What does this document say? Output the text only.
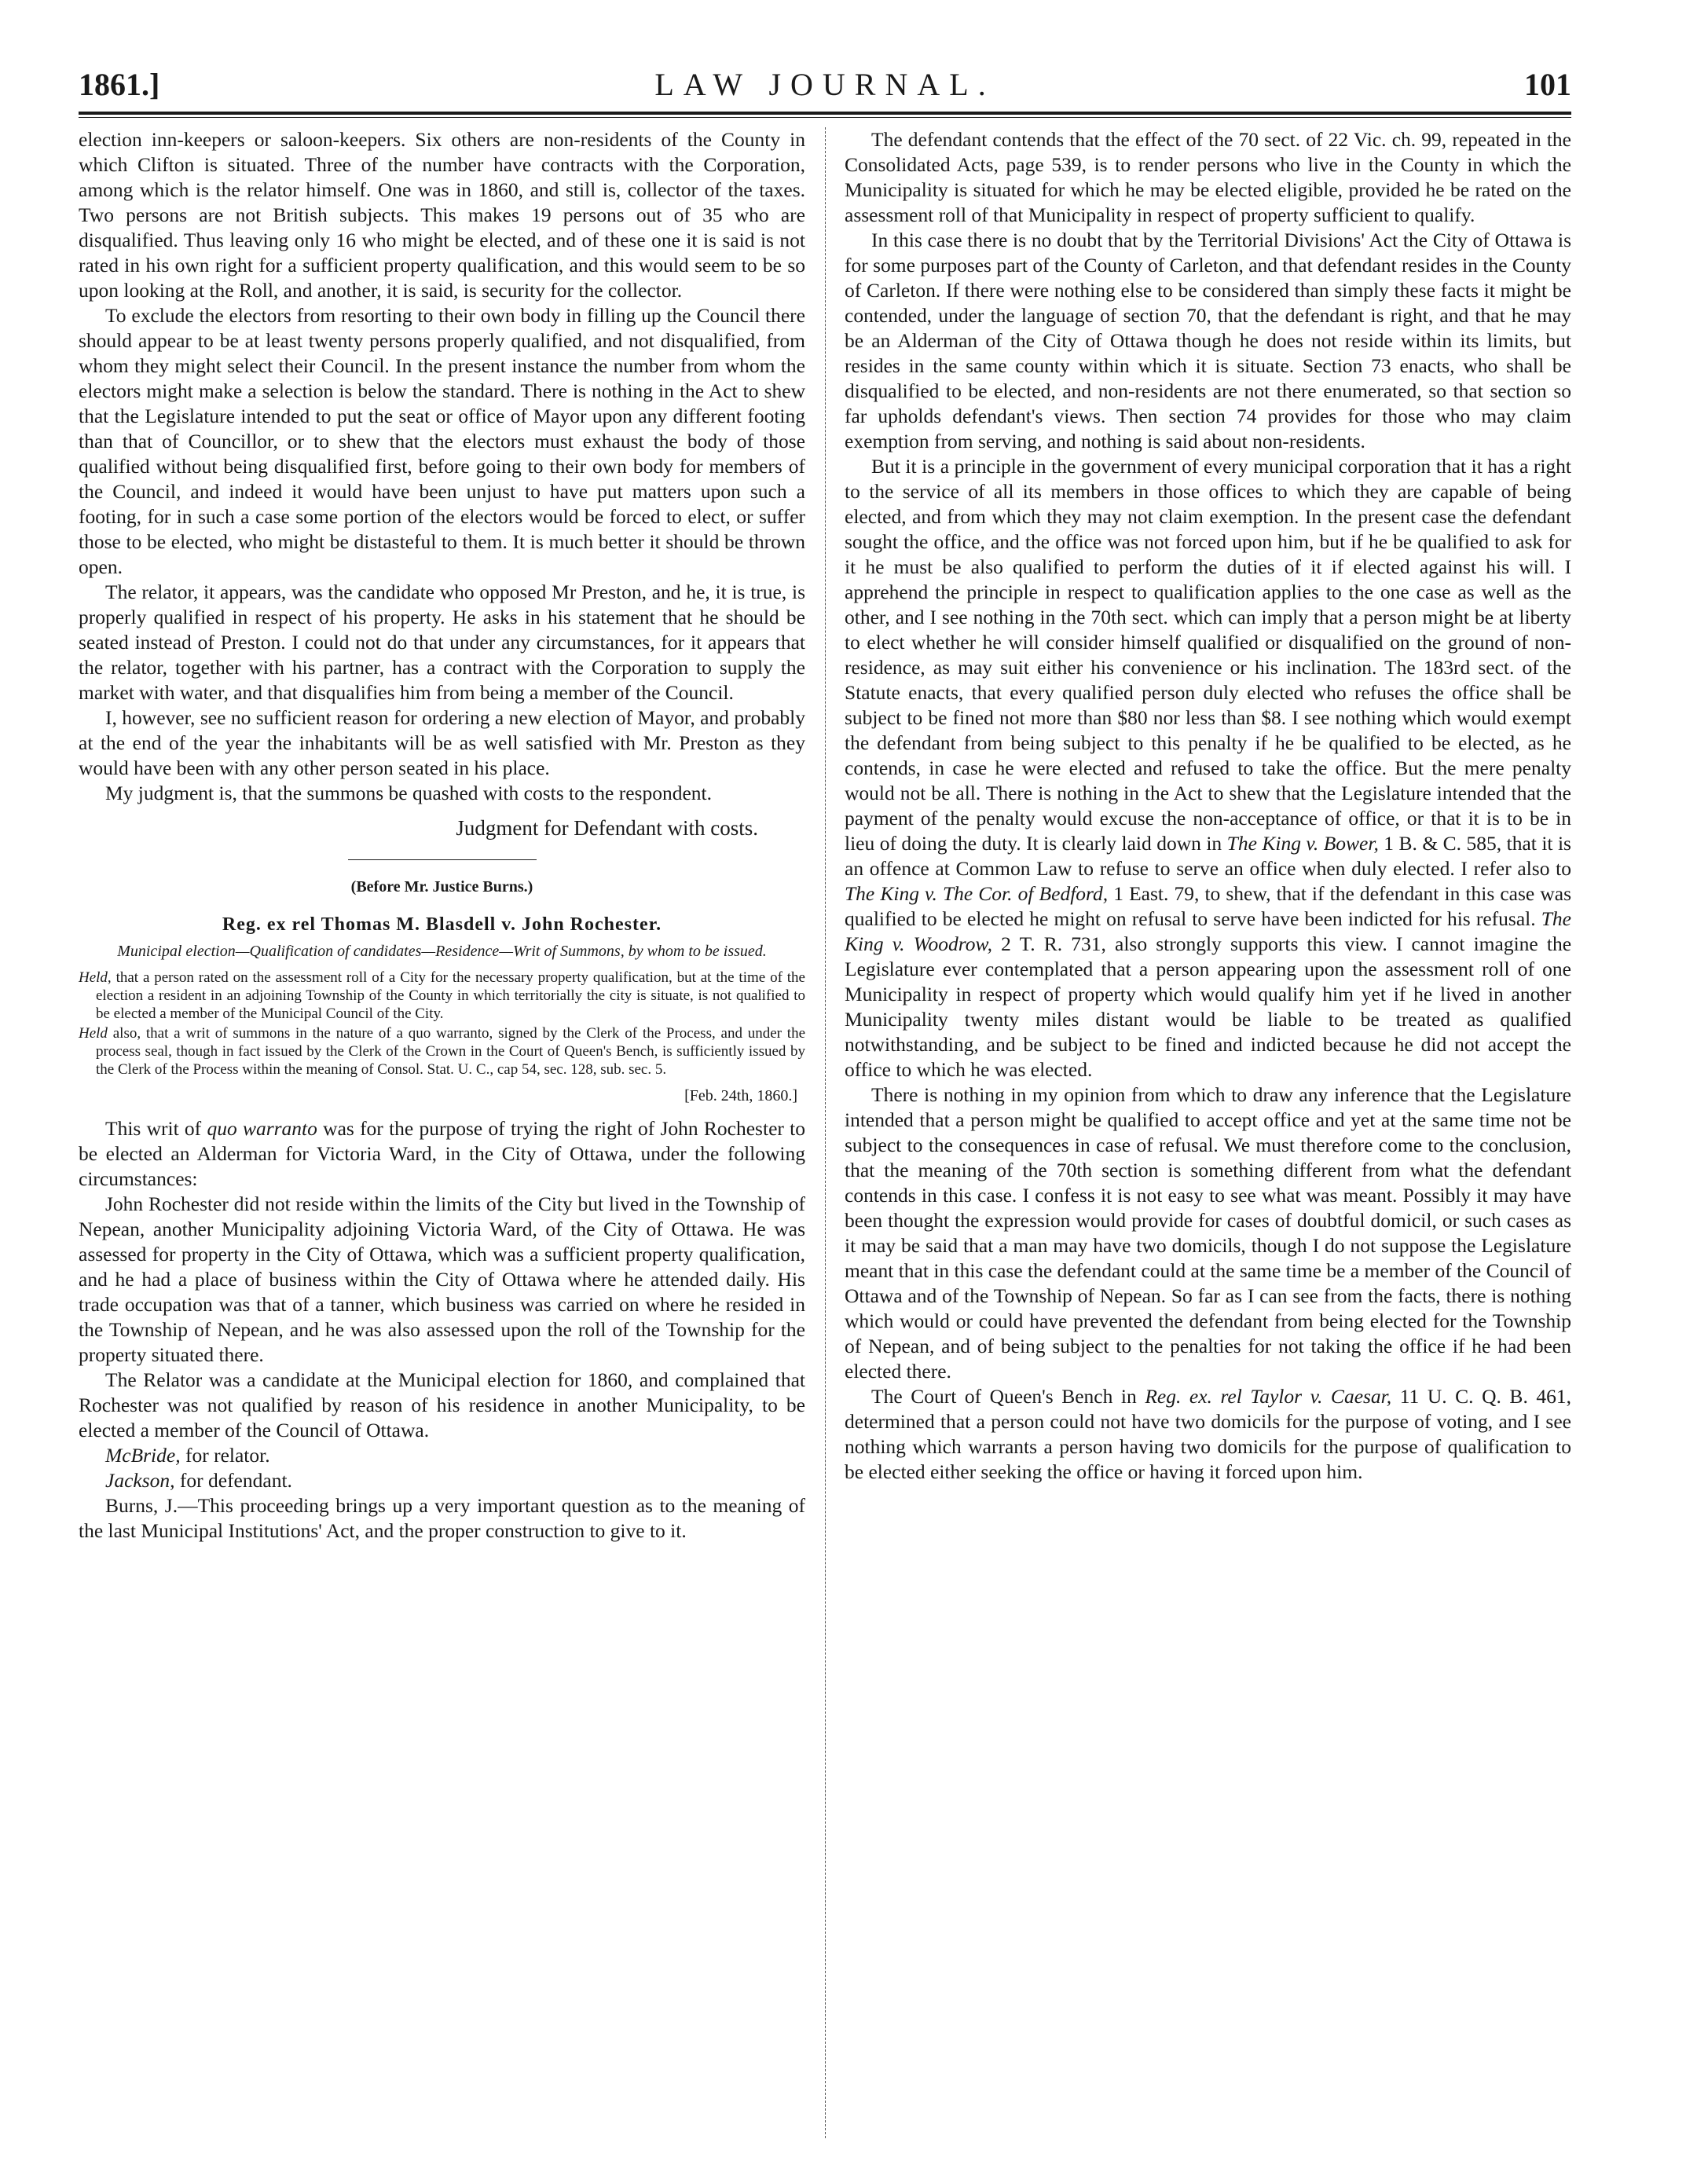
1861.]	LAW JOURNAL.	101

election inn-keepers or saloon-keepers. Six others are non-residents of the County in which Clifton is situated. Three of the number have contracts with the Corporation, among which is the relator himself. One was in 1860, and still is, collector of the taxes. Two persons are not British subjects. This makes 19 persons out of 35 who are disqualified. Thus leaving only 16 who might be elected, and of these one it is said is not rated in his own right for a sufficient property qualification, and this would seem to be so upon looking at the Roll, and another, it is said, is security for the collector.

To exclude the electors from resorting to their own body in filling up the Council there should appear to be at least twenty persons properly qualified, and not disqualified, from whom they might select their Council. In the present instance the number from whom the electors might make a selection is below the standard. There is nothing in the Act to shew that the Legislature intended to put the seat or office of Mayor upon any different footing than that of Councillor, or to shew that the electors must exhaust the body of those qualified without being disqualified first, before going to their own body for members of the Council, and indeed it would have been unjust to have put matters upon such a footing, for in such a case some portion of the electors would be forced to elect, or suffer those to be elected, who might be distasteful to them. It is much better it should be thrown open.

The relator, it appears, was the candidate who opposed Mr Preston, and he, it is true, is properly qualified in respect of his property. He asks in his statement that he should be seated instead of Preston. I could not do that under any circumstances, for it appears that the relator, together with his partner, has a contract with the Corporation to supply the market with water, and that disqualifies him from being a member of the Council.

I, however, see no sufficient reason for ordering a new election of Mayor, and probably at the end of the year the inhabitants will be as well satisfied with Mr. Preston as they would have been with any other person seated in his place.

My judgment is, that the summons be quashed with costs to the respondent.

Judgment for Defendant with costs.

(Before Mr. Justice Burns.)

Reg. ex rel Thomas M. Blasdell v. John Rochester.

Municipal election—Qualification of candidates—Residence—Writ of Summons, by whom to be issued.

Held, that a person rated on the assessment roll of a City for the necessary property qualification, but at the time of the election a resident in an adjoining Township of the County in which territorially the city is situate, is not qualified to be elected a member of the Municipal Council of the City.

Held also, that a writ of summons in the nature of a quo warranto, signed by the Clerk of the Process, and under the process seal, though in fact issued by the Clerk of the Crown in the Court of Queen's Bench, is sufficiently issued by the Clerk of the Process within the meaning of Consol. Stat. U. C., cap 54, sec. 128, sub. sec. 5.

[Feb. 24th, 1860.]

This writ of quo warranto was for the purpose of trying the right of John Rochester to be elected an Alderman for Victoria Ward, in the City of Ottawa, under the following circumstances:

John Rochester did not reside within the limits of the City but lived in the Township of Nepean, another Municipality adjoining Victoria Ward, of the City of Ottawa. He was assessed for property in the City of Ottawa, which was a sufficient property qualification, and he had a place of business within the City of Ottawa where he attended daily. His trade occupation was that of a tanner, which business was carried on where he resided in the Township of Nepean, and he was also assessed upon the roll of the Township for the property situated there.

The Relator was a candidate at the Municipal election for 1860, and complained that Rochester was not qualified by reason of his residence in another Municipality, to be elected a member of the Council of Ottawa.

McBride, for relator.

Jackson, for defendant.

Burns, J.—This proceeding brings up a very important question as to the meaning of the last Municipal Institutions' Act, and the proper construction to give to it.

The defendant contends that the effect of the 70 sect. of 22 Vic. ch. 99, repeated in the Consolidated Acts, page 539, is to render persons who live in the County in which the Municipality is situated for which he may be elected eligible, provided he be rated on the assessment roll of that Municipality in respect of property sufficient to qualify.

In this case there is no doubt that by the Territorial Divisions' Act the City of Ottawa is for some purposes part of the County of Carleton, and that defendant resides in the County of Carleton. If there were nothing else to be considered than simply these facts it might be contended, under the language of section 70, that the defendant is right, and that he may be an Alderman of the City of Ottawa though he does not reside within its limits, but resides in the same county within which it is situate. Section 73 enacts, who shall be disqualified to be elected, and non-residents are not there enumerated, so that section so far upholds defendant's views. Then section 74 provides for those who may claim exemption from serving, and nothing is said about non-residents.

But it is a principle in the government of every municipal corporation that it has a right to the service of all its members in those offices to which they are capable of being elected, and from which they may not claim exemption. In the present case the defendant sought the office, and the office was not forced upon him, but if he be qualified to ask for it he must be also qualified to perform the duties of it if elected against his will. I apprehend the principle in respect to qualification applies to the one case as well as the other, and I see nothing in the 70th sect. which can imply that a person might be at liberty to elect whether he will consider himself qualified or disqualified on the ground of non-residence, as may suit either his convenience or his inclination. The 183rd sect. of the Statute enacts, that every qualified person duly elected who refuses the office shall be subject to be fined not more than $80 nor less than $8. I see nothing which would exempt the defendant from being subject to this penalty if he be qualified to be elected, as he contends, in case he were elected and refused to take the office. But the mere penalty would not be all. There is nothing in the Act to shew that the Legislature intended that the payment of the penalty would excuse the non-acceptance of office, or that it is to be in lieu of doing the duty. It is clearly laid down in The King v. Bower, 1 B. & C. 585, that it is an offence at Common Law to refuse to serve an office when duly elected. I refer also to The King v. The Cor. of Bedford, 1 East. 79, to shew, that if the defendant in this case was qualified to be elected he might on refusal to serve have been indicted for his refusal. The King v. Woodrow, 2 T. R. 731, also strongly supports this view. I cannot imagine the Legislature ever contemplated that a person appearing upon the assessment roll of one Municipality in respect of property which would qualify him yet if he lived in another Municipality twenty miles distant would be liable to be treated as qualified notwithstanding, and be subject to be fined and indicted because he did not accept the office to which he was elected.

There is nothing in my opinion from which to draw any inference that the Legislature intended that a person might be qualified to accept office and yet at the same time not be subject to the consequences in case of refusal. We must therefore come to the conclusion, that the meaning of the 70th section is something different from what the defendant contends in this case. I confess it is not easy to see what was meant. Possibly it may have been thought the expression would provide for cases of doubtful domicil, or such cases as it may be said that a man may have two domicils, though I do not suppose the Legislature meant that in this case the defendant could at the same time be a member of the Council of Ottawa and of the Township of Nepean. So far as I can see from the facts, there is nothing which would or could have prevented the defendant from being elected for the Township of Nepean, and of being subject to the penalties for not taking the office if he had been elected there.

The Court of Queen's Bench in Reg. ex. rel Taylor v. Caesar, 11 U. C. Q. B. 461, determined that a person could not have two domicils for the purpose of voting, and I see nothing which warrants a person having two domicils for the purpose of qualification to be elected either seeking the office or having it forced upon him.
